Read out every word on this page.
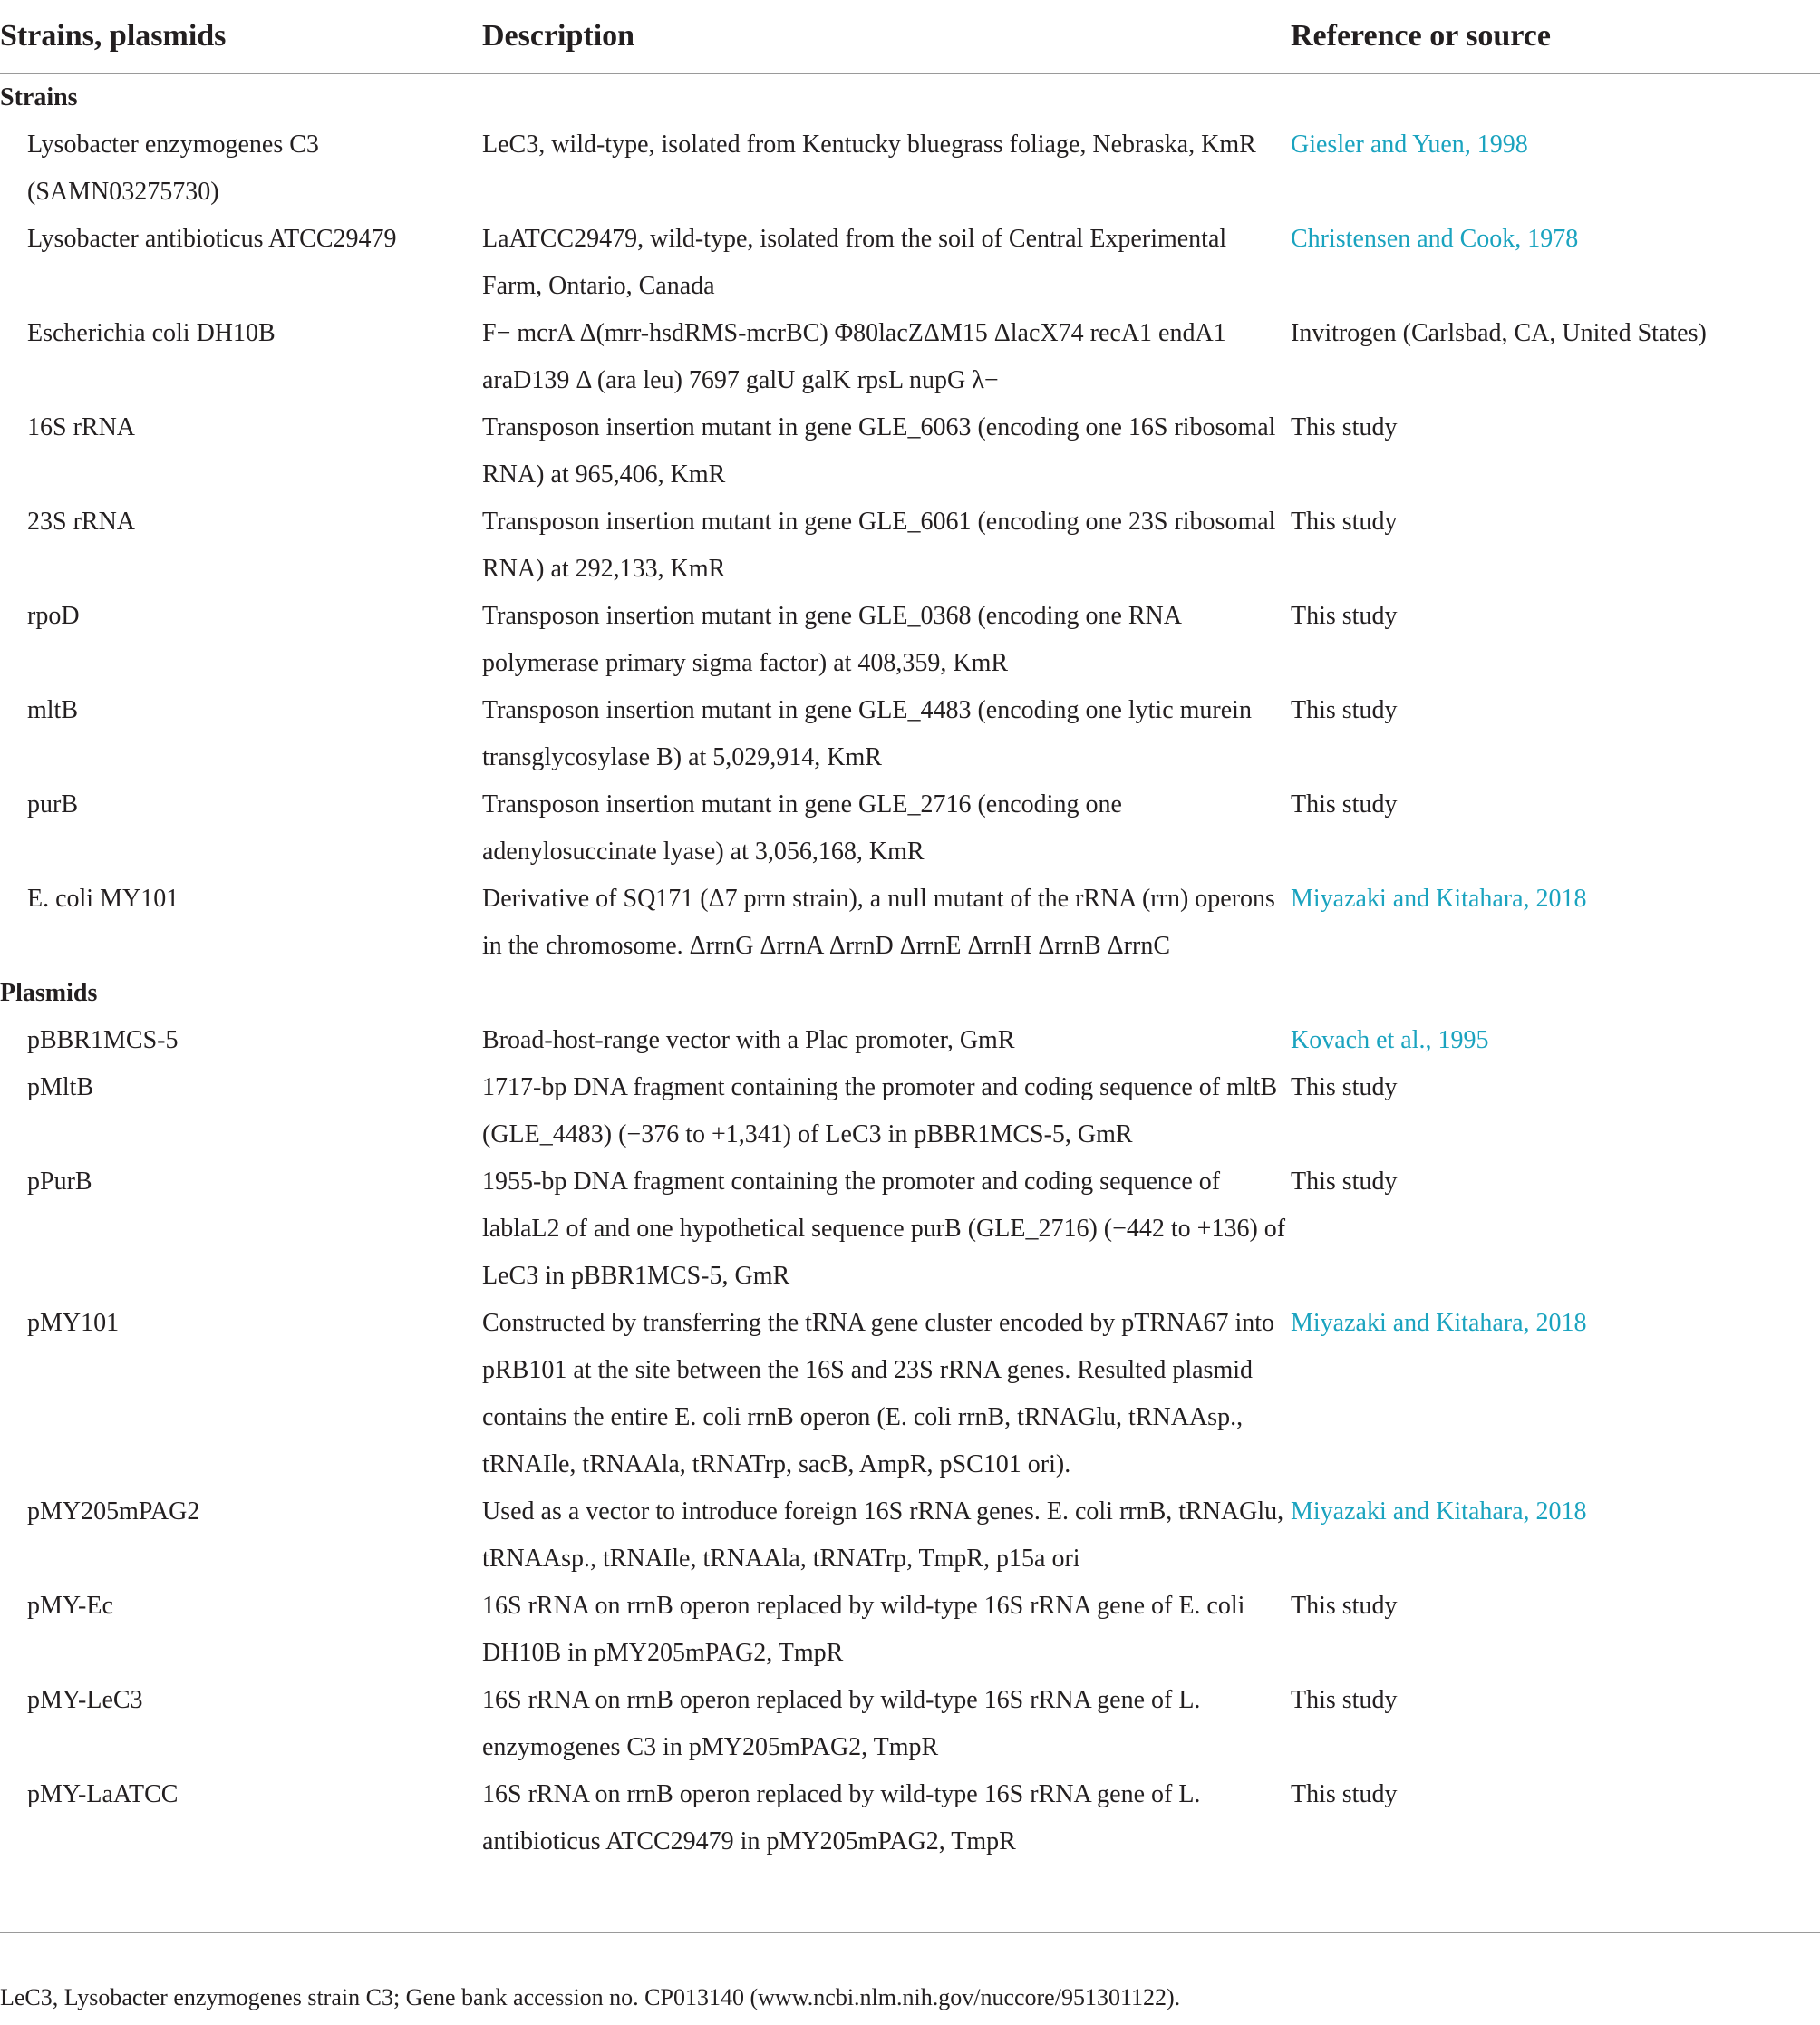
Strains, plasmids	Description	Reference or source
Strains		
Lysobacter enzymogenes C3 (SAMN03275730)	LeC3, wild-type, isolated from Kentucky bluegrass foliage, Nebraska, KmR	Giesler and Yuen, 1998
Lysobacter antibioticus ATCC29479	LaATCC29479, wild-type, isolated from the soil of Central Experimental Farm, Ontario, Canada	Christensen and Cook, 1978
Escherichia coli DH10B	F− mcrA Δ(mrr-hsdRMS-mcrBC) Φ80lacZΔM15 ΔlacX74 recA1 endA1 araD139 Δ (ara leu) 7697 galU galK rpsL nupG λ−	Invitrogen (Carlsbad, CA, United States)
16S rRNA	Transposon insertion mutant in gene GLE_6063 (encoding one 16S ribosomal RNA) at 965,406, KmR	This study
23S rRNA	Transposon insertion mutant in gene GLE_6061 (encoding one 23S ribosomal RNA) at 292,133, KmR	This study
rpoD	Transposon insertion mutant in gene GLE_0368 (encoding one RNA polymerase primary sigma factor) at 408,359, KmR	This study
mltB	Transposon insertion mutant in gene GLE_4483 (encoding one lytic murein transglycosylase B) at 5,029,914, KmR	This study
purB	Transposon insertion mutant in gene GLE_2716 (encoding one adenylosuccinate lyase) at 3,056,168, KmR	This study
E. coli MY101	Derivative of SQ171 (Δ7 prrn strain), a null mutant of the rRNA (rrn) operons in the chromosome. ΔrrnG ΔrrnA ΔrrnD ΔrrnE ΔrrnH ΔrrnB ΔrrnC	Miyazaki and Kitahara, 2018
Plasmids		
pBBR1MCS-5	Broad-host-range vector with a Plac promoter, GmR	Kovach et al., 1995
pMltB	1717-bp DNA fragment containing the promoter and coding sequence of mltB (GLE_4483) (−376 to +1,341) of LeC3 in pBBR1MCS-5, GmR	This study
pPurB	1955-bp DNA fragment containing the promoter and coding sequence of lablaL2 of and one hypothetical sequence purB (GLE_2716) (−442 to +136) of LeC3 in pBBR1MCS-5, GmR	This study
pMY101	Constructed by transferring the tRNA gene cluster encoded by pTRNA67 into pRB101 at the site between the 16S and 23S rRNA genes. Resulted plasmid contains the entire E. coli rrnB operon (E. coli rrnB, tRNAGlu, tRNAAsp., tRNAIle, tRNAAla, tRNATrp, sacB, AmpR, pSC101 ori).	Miyazaki and Kitahara, 2018
pMY205mPAG2	Used as a vector to introduce foreign 16S rRNA genes. E. coli rrnB, tRNAGlu, tRNAAsp., tRNAIle, tRNAAla, tRNATrp, TmpR, p15a ori	Miyazaki and Kitahara, 2018
pMY-Ec	16S rRNA on rrnB operon replaced by wild-type 16S rRNA gene of E. coli DH10B in pMY205mPAG2, TmpR	This study
pMY-LeC3	16S rRNA on rrnB operon replaced by wild-type 16S rRNA gene of L. enzymogenes C3 in pMY205mPAG2, TmpR	This study
pMY-LaATCC	16S rRNA on rrnB operon replaced by wild-type 16S rRNA gene of L. antibioticus ATCC29479 in pMY205mPAG2, TmpR	This study
LeC3, Lysobacter enzymogenes strain C3; Gene bank accession no. CP013140 (www.ncbi.nlm.nih.gov/nuccore/951301122).
